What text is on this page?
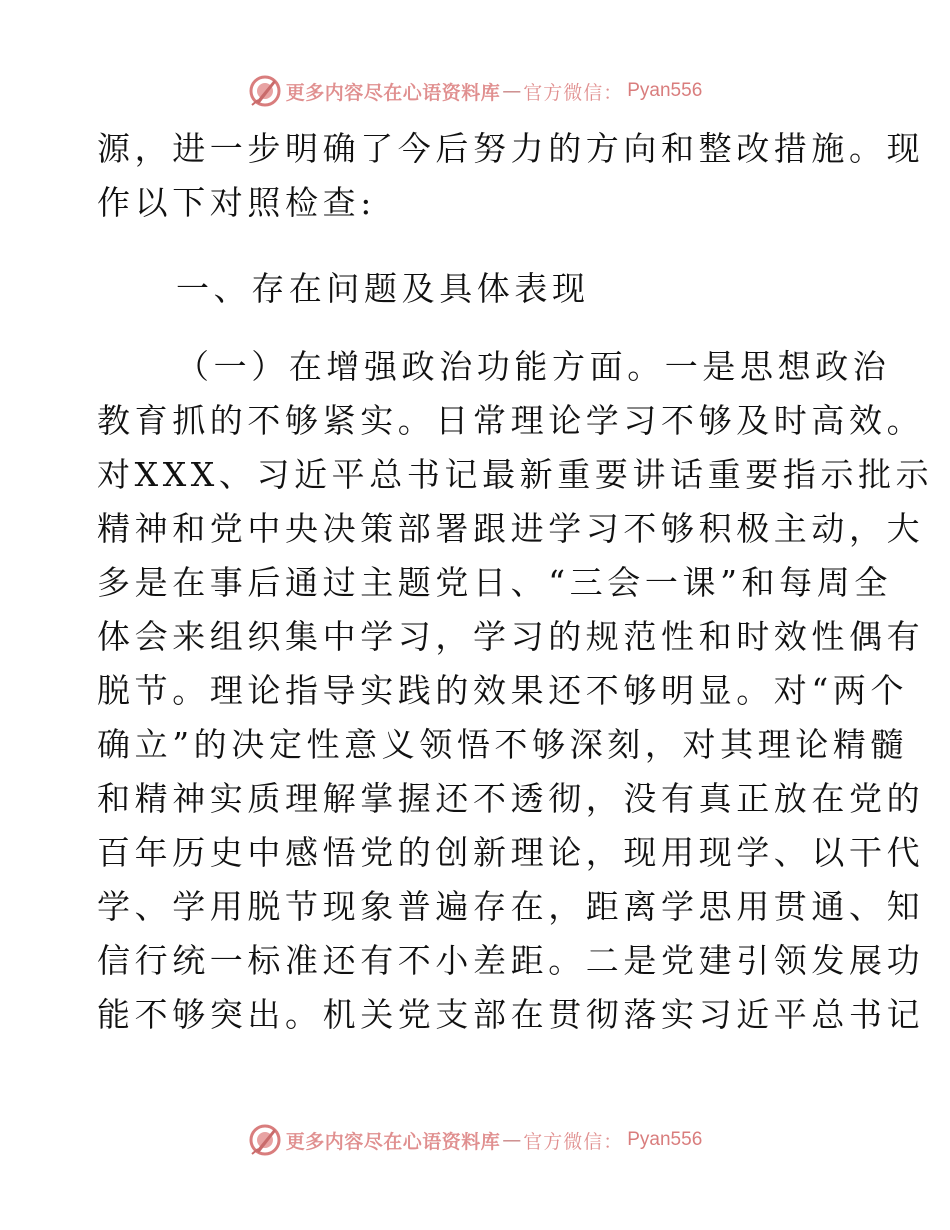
更多内容尽在心语资料库 — 官方微信： Pyan556
源，进一步明确了今后努力的方向和整改措施。现
作以下对照检查:
一、存在问题及具体表现
（一）在增强政治功能方面。一是思想政治
教育抓的不够紧实。日常理论学习不够及时高效。
对XXX、习近平总书记最新重要讲话重要指示批示
精神和党中央决策部署跟进学习不够积极主动，大
多是在事后通过主题党日、“三会一课”和每周全
体会来组织集中学习，学习的规范性和时效性偶有
脱节。理论指导实践的效果还不够明显。对“两个
确立”的决定性意义领悟不够深刻，对其理论精髓
和精神实质理解掌握还不透彻，没有真正放在党的
百年历史中感悟党的创新理论，现用现学、以干代
学、学用脱节现象普遍存在，距离学思用贯通、知
信行统一标准还有不小差距。二是党建引领发展功
能不够突出。机关党支部在贯彻落实习近平总书记
更多内容尽在心语资料库 — 官方微信： Pyan556
